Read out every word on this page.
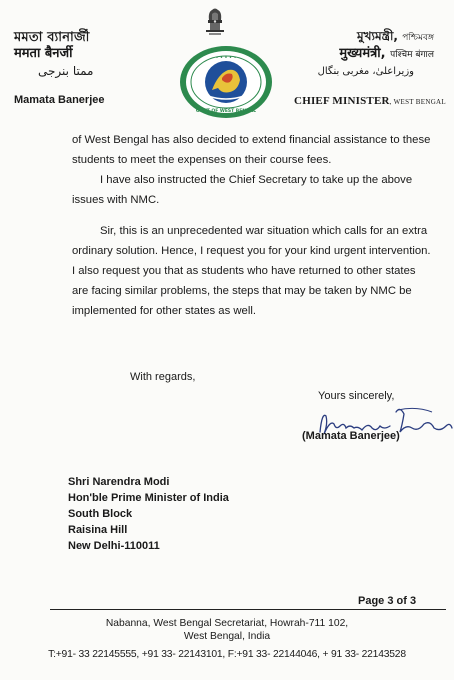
মমতা ব্যানার্জী
ममता बैनर्जी
ممتا بنرجی
Mamata Banerjee
• • • • •
GOVT OF WEST BENGAL
মুখ্যমন্ত্রী, পশ্চিমবঙ্গ
मुख्यमंत्री, पश्चिम बंगाल
وزیراعلیٰ، مغربی بنگال
CHIEF MINISTER, WEST BENGAL

of West Bengal has also decided to extend financial assistance to these students to meet the expenses on their course fees.

I have also instructed the Chief Secretary to take up the above issues with NMC.

Sir, this is an unprecedented war situation which calls for an extra ordinary solution. Hence, I request you for your kind urgent intervention. I also request you that as students who have returned to other states are facing similar problems, the steps that may be taken by NMC be implemented for other states as well.

With regards,
Yours sincerely,
(Mamata Banerjee)
Shri Narendra Modi
Hon'ble Prime Minister of India
South Block
Raisina Hill
New Delhi-110011
Page 3 of 3
Nabanna, West Bengal Secretariat, Howrah-711 102,
West Bengal, India
T:+91- 33 22145555, +91 33- 22143101, F:+91 33- 22144046, + 91 33- 22143528
